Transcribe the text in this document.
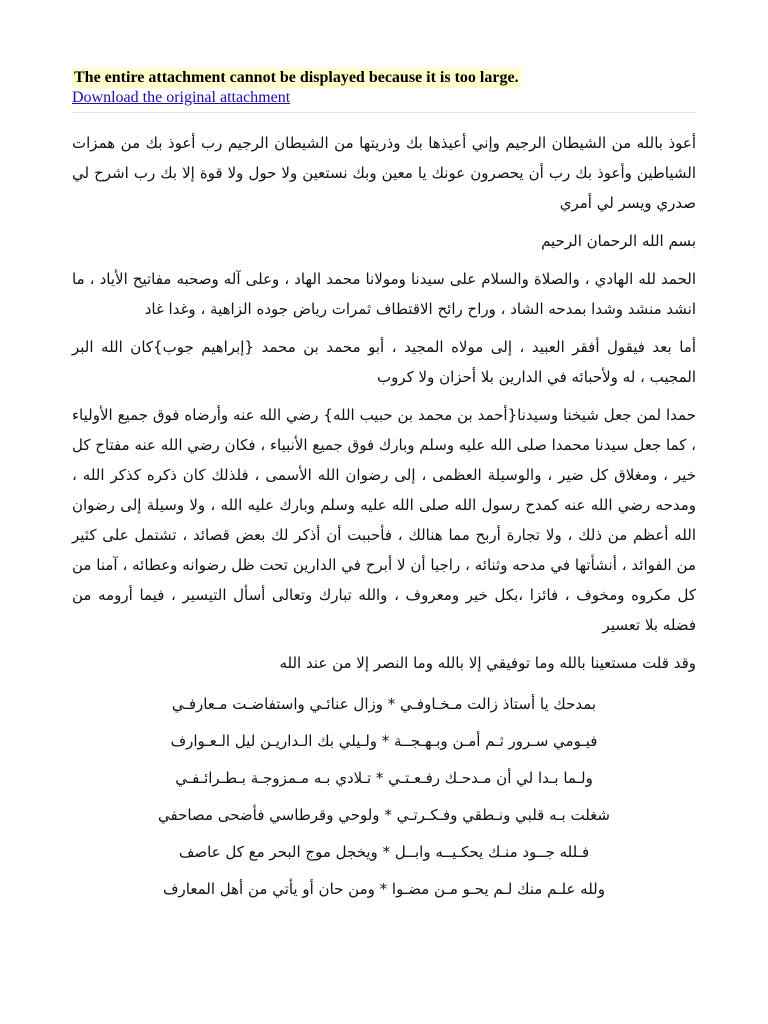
The entire attachment cannot be displayed because it is too large.
Download the original attachment

أعوذ بالله من الشيطان الرجيم وإني أعيذها بك وذريتها من الشيطان الرجيم رب أعوذ بك من همزات الشياطين وأعوذ بك رب أن يحصرون عونك يا معين وبك نستعين ولا حول ولا قوة إلا بك رب اشرح لي صدري ويسر لي أمري

بسم الله الرحمان الرحيم

الحمد لله الهادي ، والصلاة والسلام على سيدنا ومولانا محمد الهاد ، وعلى آله وصحبه مفاتيح الأياد ، ما انشد منشد وشدا بمدحه الشاد ، وراح رائح الاقتطاف ثمرات رياض جوده الزاهية ، وغدا غاد

أما بعد فيقول أفقر العبيد ، إلى مولاه المجيد ، أبو محمد بن محمد {إبراهيم جوب}كان الله البر المجيب ، له ولأحبائه في الدارين بلا أحزان ولا كروب

حمدا لمن جعل شيخنا وسيدنا{أحمد بن محمد بن حبيب الله} رضي الله عنه وأرضاه فوق جميع الأولياء ، كما جعل سيدنا محمدا صلى الله عليه وسلم وبارك فوق جميع الأنبياء ، فكان رضي الله عنه مفتاح كل خير ، ومغلاق كل ضير ، والوسيلة العظمى ، إلى رضوان الله الأسمى ، فلذلك كان ذكره كذكر الله ، ومدحه رضي الله عنه كمدح رسول الله صلى الله عليه وسلم وبارك عليه الله ، ولا وسيلة إلى رضوان الله أعظم من ذلك ، ولا تجارة أربح مما هنالك ، فأحببت أن أذكر لك بعض قصائد ، تشتمل على كثير من الفوائد ، أنشأتها في مدحه وثنائه ، راجيا أن لا أبرح في الدارين تحت ظل رضوانه وعطائه ، آمنا من كل مكروه ومخوف ، فائزا ،بكل خير ومعروف ، والله تبارك وتعالى أسأل التيسير ، فيما أرومه من فضله بلا تعسير

وقد قلت مستعينا بالله وما توفيقي إلا بالله وما النصر إلا من عند الله

بمدحك يا أستاذ زالت مـخـاوفـي * وزال عنائـي واستفاضـت مـعارفـي

فيـومي سـرور ثـم أمـن وبـهـجــة * ولـيلي بك الـداريـن ليل الـعـوارف

ولـما بـدا لي أن مـدحـك رفـعـتـي * تـلادي بـه مـمزوجـة بـطـرائـفـي

شغلت بـه قلبي ونـطقي وفـكـرتـي * ولوحي وقرطاسي فأضحى مصاحفي

فـلله جــود منـك يحكـيــه وابــل * ويخجل موج البحر مع كل عاصف

ولله علـم منك لـم يحـو مـن مضـوا * ومن حان أو يأتي من أهل المعارف
